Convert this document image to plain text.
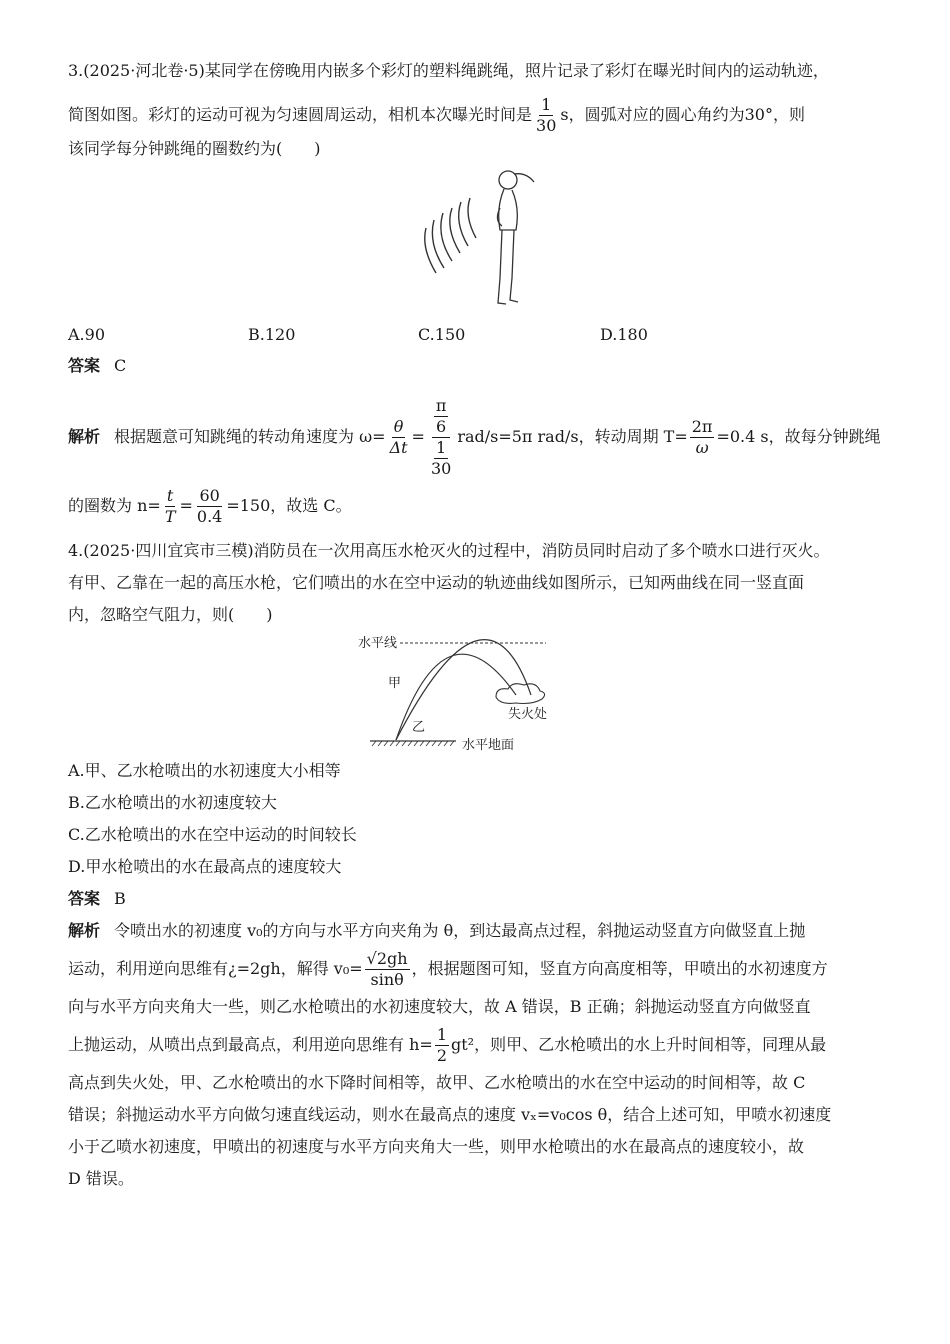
3.(2025·河北卷·5)某同学在傍晚用内嵌多个彩灯的塑料绳跳绳，照片记录了彩灯在曝光时间内的运动轨迹，
简图如图。彩灯的运动可视为匀速圆周运动，相机本次曝光时间是 $\frac{1}{30}$ s，圆弧对应的圆心角约为30°，则
该同学每分钟跳绳的圈数约为(　　)
A.90	B.120	C.150	D.180
答案 C
解析 根据题意可知跳绳的转动角速度为 $\omega= \frac{\theta}{\Delta t} = \frac{\frac{\pi}{6}}{\frac{1}{30}} rad/s=5\pi$ rad/s，转动周期 $T= \frac{2\pi}{\omega} =0.4$ s，故每分钟跳绳
的圈数为 $n= \frac{t}{T} = \frac{60}{0.4} =150$，故选 C。
4.(2025·四川宜宾市三模)消防员在一次用高压水枪灭火的过程中，消防员同时启动了多个喷水口进行灭火。
有甲、乙靠在一起的高压水枪，它们喷出的水在空中运动的轨迹曲线如图所示，已知两曲线在同一竖直面
内，忽略空气阻力，则(　　)
水平线
甲
乙
失火处
水平地面
A.甲、乙水枪喷出的水初速度大小相等
B.乙水枪喷出的水初速度较大
C.乙水枪喷出的水在空中运动的时间较长
D.甲水枪喷出的水在最高点的速度较大
答案 B
解析 令喷出水的初速度 v₀的方向与水平方向夹角为 θ，到达最高点过程，斜抛运动竖直方向做竖直上抛
运动，利用逆向思维有¿=2gh，解得 $v_0= \frac{√2gh}{\sin\theta}$ ，根据题图可知，竖直方向高度相等，甲喷出的水初速度方
向与水平方向夹角大一些，则乙水枪喷出的水初速度较大，故 A 错误，B 正确；斜抛运动竖直方向做竖直
上抛运动，从喷出点到最高点，利用逆向思维有 $h= \frac{1}{2} gt^2$，则甲、乙水枪喷出的水上升时间相等，同理从最
高点到失火处，甲、乙水枪喷出的水下降时间相等，故甲、乙水枪喷出的水在空中运动的时间相等，故 C
错误；斜抛运动水平方向做匀速直线运动，则水在最高点的速度 vₓ=v₀cos θ，结合上述可知，甲喷水初速度
小于乙喷水初速度，甲喷出的初速度与水平方向夹角大一些，则甲水枪喷出的水在最高点的速度较小，故
D 错误。
